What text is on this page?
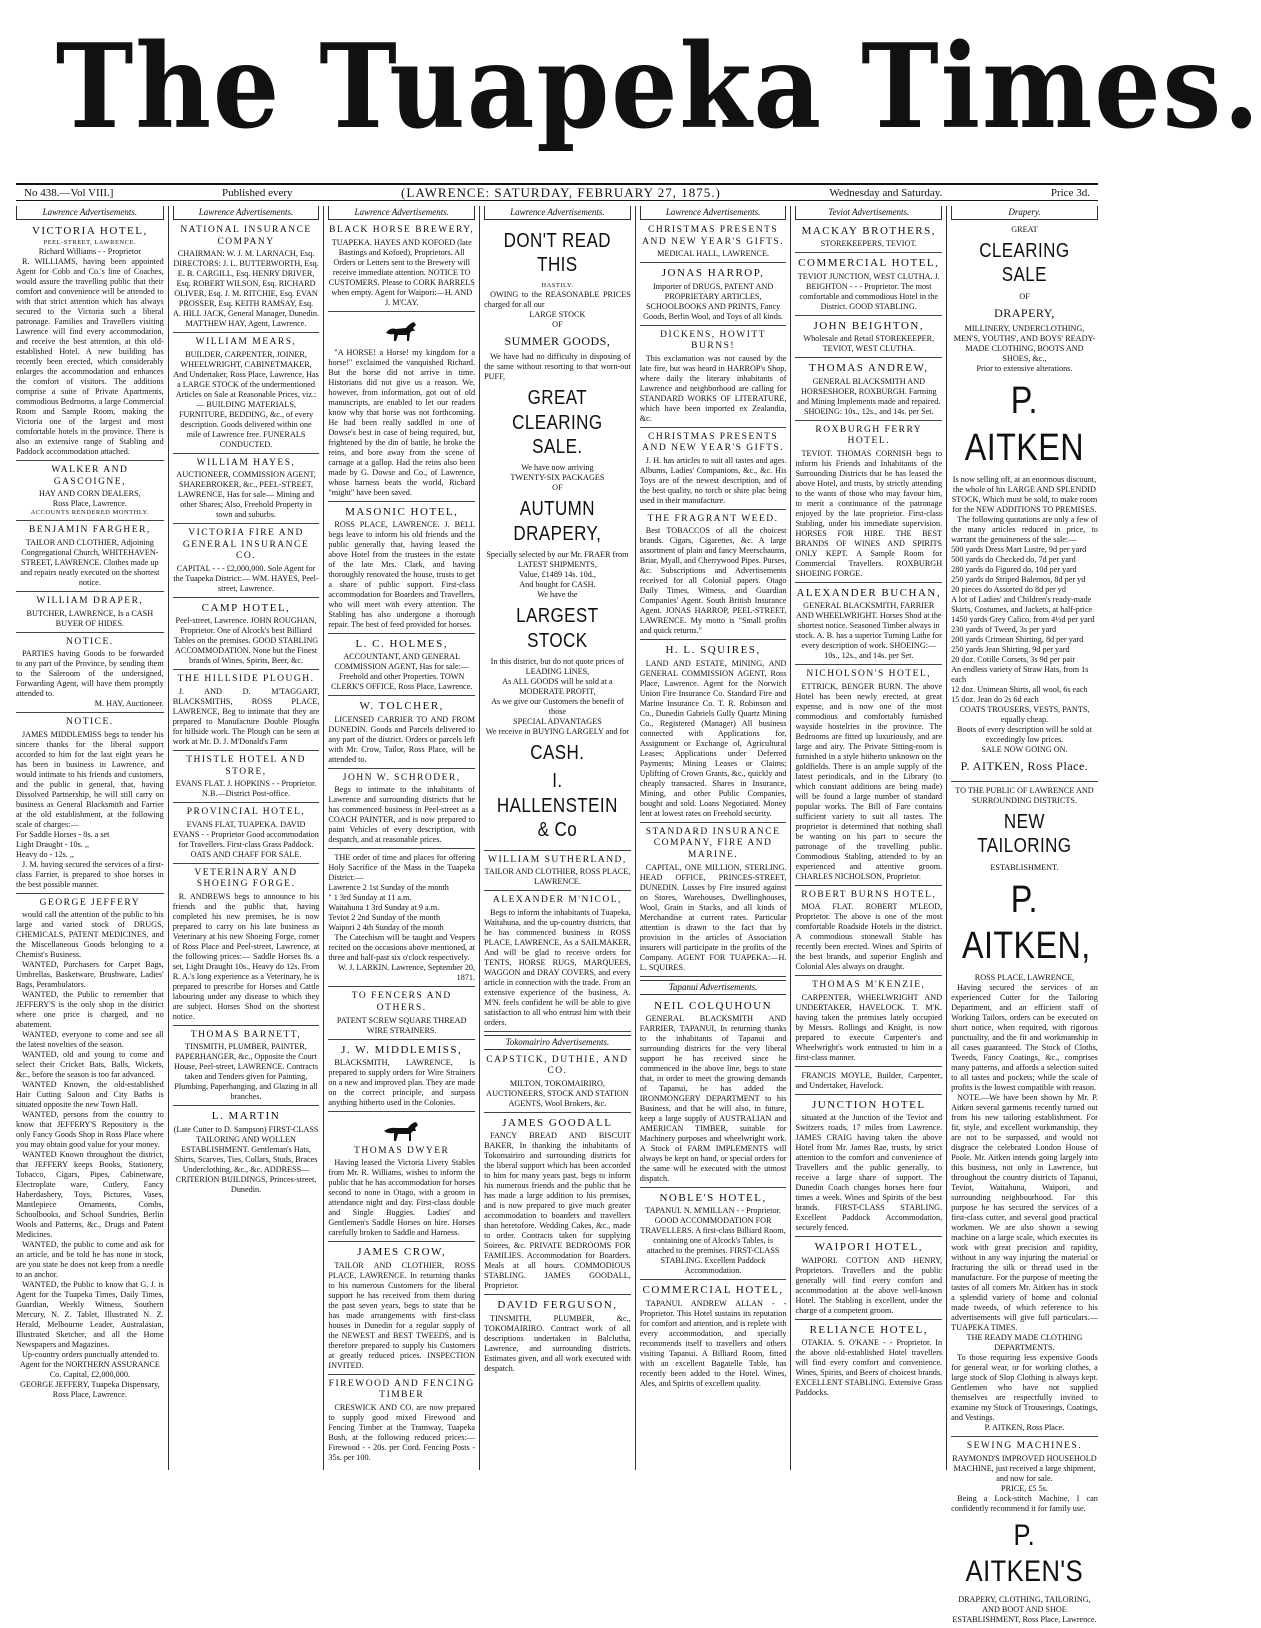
The Tuapeka Times.
No 438.—Vol VIII.]	Published every	(LAWRENCE: SATURDAY, FEBRUARY 27, 1875.)	Wednesday and Saturday.	Price 3d.
Lawrence Advertisements.
VICTORIA HOTEL,
PEEL-STREET, LAWRENCE.
Richard Williams - - Proprietor
R. WILLIAMS, having been appointed Agent for Cobb and Co.'s line of Coaches, would assure the travelling public that their comfort and convenience will be attended to with that strict attention which has always secured to the Victoria such a liberal patronage. Families and Travellers visiting Lawrence will find every accommodation, and receive the best attention, at this old-established Hotel. A new building has recently been erected, which considerably enlarges the accommodation and enhances the comfort of visitors. The additions comprise a suite of Private Apartments, commodious Bedrooms, a large Commercial Room and Sample Room, making the Victoria one of the largest and most comfortable hotels in the province. There is also an extensive range of Stabling and Paddock accommodation attached.
WALKER AND GASCOIGNE,
HAY AND CORN DEALERS,
Ross Place, Lawrence.
ACCOUNTS RENDERED MONTHLY.
BENJAMIN FARGHER,
TAILOR AND CLOTHIER, Adjoining Congregational Church, WHITEHAVEN-STREET, LAWRENCE. Clothes made up and repairs neatly executed on the shortest notice.
WILLIAM DRAPER,
BUTCHER, LAWRENCE, Is a CASH BUYER OF HIDES.
NOTICE.
PARTIES having Goods to be forwarded to any part of the Province, by sending them to the Saleroom of the undersigned, Forwarding Agent, will have them promptly attended to.
M. HAY, Auctioneer.
NOTICE.
JAMES MIDDLEMISS begs to tender his sincere thanks for the liberal support accorded to him for the last eight years he has been in business in Lawrence, and would intimate to his friends and customers, and the public in general, that, having Dissolved Partnership, he will still carry on business as General Blacksmith and Farrier at the old establishment, at the following scale of charges:—
For Saddle Horses - 8s. a set
Light Draught - 10s. ,,
Heavy do - 12s. ,,
J. M. having secured the services of a first-class Farrier, is prepared to shoe horses in the best possible manner.
GEORGE JEFFERY
would call the attention of the public to his large and varied stock of DRUGS, CHEMICALS, PATENT MEDICINES, and the Miscellaneous Goods belonging to a Chemist's Business.
WANTED, Purchasers for Carpet Bags, Umbrellas, Basketware, Brushware, Ladies' Bags, Perambulators.
WANTED, the Public to remember that JEFFERY'S is the only shop in the district where one price is charged, and no abatement.
WANTED, everyone to come and see all the latest novelties of the season.
WANTED, old and young to come and select their Cricket Bats, Balls, Wickets, &c., before the season is too far advanced.
WANTED Known, the old-established Hair Cutting Saloon and City Baths is situated opposite the new Town Hall.
WANTED, persons from the country to know that JEFFERY'S Repository is the only Fancy Goods Shop in Ross Place where you may obtain good value for your money.
WANTED Known throughout the district, that JEFFERY keeps Books, Stationery, Tobacco, Cigars, Pipes, Cabinetware, Electroplate ware, Cutlery, Fancy Haberdashery, Toys, Pictures, Vases, Mantlepiece Ornaments, Combs, Schoolbooks, and School Sundries, Berlin Wools and Patterns, &c., Drugs and Patent Medicines.
WANTED, the public to come and ask for an article, and be told he has none in stock, are you state he does not keep from a needle to an anchor.
WANTED, the Public to know that G. J. is Agent for the Tuapeka Times, Daily Times, Guardian, Weekly Witness, Southern Mercury, N. Z. Tablet, Illustrated N. Z. Herald, Melbourne Leader, Australasian, Illustrated Sketcher, and all the Home Newspapers and Magazines.
Up-country orders punctually attended to.
Agent for the NORTHERN ASSURANCE Co. Capital, £2,000,000.
GEORGE JEFFERY, Tuapeka Dispensary, Ross Place, Lawrence.
Lawrence Advertisements.
NATIONAL INSURANCE COMPANY
CHAIRMAN: W. J. M. LARNACH, Esq. DIRECTORS: J. L. BUTTERWORTH, Esq. E. B. CARGILL, Esq. HENRY DRIVER, Esq. ROBERT WILSON, Esq. RICHARD OLIVER, Esq. J. M. RITCHIE, Esq. EVAN PROSSER, Esq. KEITH RAMSAY, Esq.
A. HILL JACK, General Manager, Dunedin. MATTHEW HAY, Agent, Lawrence.
WILLIAM MEARS,
BUILDER, CARPENTER, JOINER, WHEELWRIGHT, CABINETMAKER, And Undertaker, Ross Place, Lawrence, Has a LARGE STOCK of the undermentioned Articles on Sale at Reasonable Prices, viz.:— BUILDING MATERIALS, FURNITURE, BEDDING, &c., of every description. Goods delivered within one mile of Lawrence free. FUNERALS CONDUCTED.
WILLIAM HAYES,
AUCTIONEER, COMMISSION AGENT, SHAREBROKER, &c., PEEL-STREET, LAWRENCE, Has for sale— Mining and other Shares; Also, Freehold Property in town and suburbs.
VICTORIA FIRE AND GENERAL INSURANCE CO.
CAPITAL - - - £2,000,000. Sole Agent for the Tuapeka District:— WM. HAYES, Peel-street, Lawrence.
CAMP HOTEL,
Peel-street, Lawrence. JOHN ROUGHAN, Proprietor. One of Alcock's best Billiard Tables on the premises. GOOD STABLING ACCOMMODATION. None but the Finest brands of Wines, Spirits, Beer, &c.
THE HILLSIDE PLOUGH.
J. AND D. M'TAGGART, BLACKSMITHS, ROSS PLACE, LAWRENCE, Beg to intimate that they are prepared to Manufacture Double Ploughs for hillside work. The Plough can be seen at work at Mr. D. J. M'Donald's Farm
THISTLE HOTEL AND STORE,
EVANS FLAT. J. HOPKINS - - Proprietor. N.B.—District Post-office.
PROVINCIAL HOTEL,
EVANS FLAT, TUAPEKA. DAVID EVANS - - Proprietor Good accommodation for Travellers. First-class Grass Paddock. OATS AND CHAFF FOR SALE.
VETERINARY AND SHOEING FORGE.
R. ANDREWS begs to announce to his friends and the public that, having completed his new premises, he is now prepared to carry on his late business as Veterinary at his new Shoeing Forge, corner of Ross Place and Peel-street, Lawrence, at the following prices:— Saddle Horses 8s. a set, Light Draught 10s., Heavy do 12s. From R. A.'s long experience as a Veterinary, he is prepared to prescribe for Horses and Cattle labouring under any disease to which they are subject. Horses Shod on the shortest notice.
THOMAS BARNETT,
TINSMITH, PLUMBER, PAINTER, PAPERHANGER, &c., Opposite the Court House, Peel-street, LAWRENCE. Contracts taken and Tenders given for Painting, Plumbing, Paperhanging, and Glazing in all branches.
L. MARTIN
(Late Cutter to D. Sampson) FIRST-CLASS TAILORING AND WOLLEN ESTABLISHMENT. Gentleman's Hats, Shirts, Scarves, Ties, Collars, Studs, Braces Underclothing, &c., &c. ADDRESS— CRITERION BUILDINGS, Princes-street, Dunedin.
Lawrence Advertisements.
BLACK HORSE BREWERY,
TUAPEKA. HAYES AND KOFOED (late Bastings and Kofoed), Proprietors. All Orders or Letters sent to the Brewery will receive immediate attention. NOTICE TO CUSTOMERS. Please to CORK BARRELS when empty. Agent for Waipori:—H. AND J. M'CAY.
"A HORSE! a Horse! my kingdom for a horse!" exclaimed the vanquished Richard. But the horse did not arrive in time. Historians did not give us a reason. We, however, from information, got out of old manuscripts, are enabled to let our readers know why that horse was not forthcoming. He had been really saddled in one of Dowse's best in case of being required, but, frightened by the din of battle, he broke the reins, and bore away from the scene of carnage at a gallop. Had the reins also been made by G. Dowse and Co., of Lawrence, whose harness beats the world, Richard "might" have been saved.
MASONIC HOTEL,
ROSS PLACE, LAWRENCE. J. BELL begs leave to inform his old friends and the public generally that, having leased the above Hotel from the trustees in the estate of the late Mrs. Clark, and having thoroughly renovated the house, trusts to get a share of public support. First-class accommodation for Boarders and Travellers, who will meet with every attention. The Stabling has also undergone a thorough repair. The best of feed provided for horses.
L. C. HOLMES,
ACCOUNTANT, AND GENERAL COMMISSION AGENT, Has for sale:— Freehold and other Properties. TOWN CLERK'S OFFICE, Ross Place, Lawrence.
W. TOLCHER,
LICENSED CARRIER TO AND FROM DUNEDIN. Goods and Parcels delivered to any part of the district. Orders or parcels left with Mr. Crow, Tailor, Ross Place, will be attended to.
JOHN W. SCHRODER,
Begs to intimate to the inhabitants of Lawrence and surrounding districts that he has commenced business in Peel-street as a COACH PAINTER, and is now prepared to paint Vehicles of every description, with despatch, and at reasonable prices.
THE order of time and places for offering Holy Sacrifice of the Mass in the Tuapeka District:—
Lawrence 2 1st Sunday of the month
" 1 3rd Sunday at 11 a.m.
Waitahuna 1 3rd Sunday at 9 a.m.
Teviot 2 2nd Sunday of the month
Waipori 2 4th Sunday of the month
The Catechism will be taught and Vespers recited on the occasions above mentioned, at three and half-past six o'clock respectively.
W. J. LARKIN. Lawrence, September 20, 1871.
TO FENCERS AND OTHERS.
PATENT SCREW SQUARE THREAD WIRE STRAINERS.
J. W. MIDDLEMISS,
BLACKSMITH, LAWRENCE, Is prepared to supply orders for Wire Strainers on a new and improved plan. They are made on the correct principle, and surpass anything hitherto used in the Colonies.
THOMAS DWYER
Having leased the Victoria Livery Stables from Mr. R. Williams, wishes to inform the public that he has accommodation for horses second to none in Otago, with a groom in attendance night and day. First-class double and Single Buggies. Ladies' and Gentlemen's Saddle Horses on hire. Horses carefully broken to Saddle and Harness.
JAMES CROW,
TAILOR AND CLOTHIER, ROSS PLACE, LAWRENCE. In returning thanks to his numerous Customers for the liberal support he has received from them during the past seven years, begs to state that he has made arrangements with first-class houses in Dunedin for a regular supply of the NEWEST and BEST TWEEDS, and is therefore prepared to supply his Customers at greatly reduced prices. INSPECTION INVITED.
FIREWOOD AND FENCING TIMBER
CRESWICK AND CO. are now prepared to supply good mixed Firewood and Fencing Timber at the Tramway, Tuapeka Bush, at the following reduced prices:— Firewood - - 20s. per Cord. Fencing Posts - 35s. per 100.
Lawrence Advertisements.
DON'T READ THIS
HASTILY.
OWING to the REASONABLE PRICES charged for all our
LARGE STOCK
OF
SUMMER GOODS,
We have had no difficulty in disposing of the same without resorting to that worn-out PUFF,
GREAT CLEARING SALE.
We have now arriving
TWENTY-SIX PACKAGES
OF
AUTUMN DRAPERY,
Specially selected by our Mr. FRAER from
LATEST SHIPMENTS,
Value, £1489 14s. 10d.,
And bought for CASH.
We have the
LARGEST STOCK
In this district, but do not quote prices of
LEADING LINES,
As ALL GOODS will be sold at a
MODERATE PROFIT,
As we give our Customers the benefit of those
SPECIAL ADVANTAGES
We receive in BUYING LARGELY and for
CASH.
I. HALLENSTEIN & Co
WILLIAM SUTHERLAND,
TAILOR AND CLOTHIER, ROSS PLACE, LAWRENCE.
ALEXANDER M'NICOL,
Begs to inform the inhabitants of Tuapeka, Waitahuna, and the up-country districts, that he has commenced business in ROSS PLACE, LAWRENCE, As a SAILMAKER, And will be glad to receive orders for TENTS, HORSE RUGS, MARQUEES, WAGGON and DRAY COVERS, and every article in connection with the trade. From an extensive experience of the business, A. M'N. feels confident he will be able to give satisfaction to all who entrust him with their orders.
Tokomairiro Advertisements.
CAPSTICK, DUTHIE, AND CO.
MILTON, TOKOMAIRIRO, AUCTIONEERS, STOCK AND STATION AGENTS, Wool Brokers, &c.
JAMES GOODALL
FANCY BREAD AND BISCUIT BAKER, In thanking the inhabitants of Tokomairiro and surrounding districts for the liberal support which has been accorded to him for many years past, begs to inform his numerous friends and the public that he has made a large addition to his premises, and is now prepared to give much greater accommodation to boarders and travellers than heretofore. Wedding Cakes, &c., made to order. Contracts taken for supplying Soirees, &c. PRIVATE BEDROOMS FOR FAMILIES. Accommodation for Boarders. Meals at all hours. COMMODIOUS STABLING. JAMES GOODALL, Proprietor.
DAVID FERGUSON,
TINSMITH, PLUMBER, &c., TOKOMAIRIRO. Contract work of all descriptions undertaken in Balclutha, Lawrence, and surrounding districts. Estimates given, and all work executed with despatch.
Lawrence Advertisements.
CHRISTMAS PRESENTS AND NEW YEAR'S GIFTS.
MEDICAL HALL, LAWRENCE.
JONAS HARROP,
Importer of DRUGS, PATENT AND PROPRIETARY ARTICLES, SCHOOLBOOKS AND PRINTS, Fancy Goods, Berlin Wool, and Toys of all kinds.
DICKENS, HOWITT BURNS!
This exclamation was not caused by the late fire, but was heard in HARROP's Shop, where daily the literary inhabitants of Lawrence and neighborhood are calling for STANDARD WORKS OF LITERATURE, which have been imported ex Zealandia, &c.
CHRISTMAS PRESENTS AND NEW YEAR'S GIFTS.
J. H. has articles to suit all tastes and ages. Albums, Ladies' Companions, &c., &c. His Toys are of the newest description, and of the best quality, no torch or shire plac being used in their manufacture.
THE FRAGRANT WEED.
Best TOBACCOS of all the choicest brands. Cigars, Cigarettes, &c. A large assortment of plain and fancy Meerschaums, Briar, Myall, and Cherrywood Pipes. Purses, &c. Subscriptions and Advertisements received for all Colonial papers. Otago Daily Times, Witness, and Guardian Companies' Agent. South British Insurance Agent. JONAS HARROP, PEEL-STREET, LAWRENCE. My motto is "Small profits and quick returns."
H. L. SQUIRES,
LAND AND ESTATE, MINING, AND GENERAL COMMISSION AGENT, Ross Place, Lawrence. Agent for the Norwich Union Fire Insurance Co. Standard Fire and Marine Insurance Co. T. R. Robinson and Co., Dunedin Gabriels Gully Quartz Mining Co., Registered (Manager) All business connected with Applications for, Assignment or Exchange of, Agricultural Leases; Applications under Deferred Payments; Mining Leases or Claims; Uplifting of Crown Grants, &c., quickly and cheaply transacted. Shares in Insurance, Mining, and other Public Companies, bought and sold. Loans Negotiated. Money lent at lowest rates on Freehold security.
STANDARD INSURANCE COMPANY, FIRE AND MARINE.
CAPITAL, ONE MILLION, STERLING. HEAD OFFICE, PRINCES-STREET, DUNEDIN. Losses by Fire insured against on Stores, Warehouses, Dwellinghouses, Wool, Grain in Stacks, and all kinds of Merchandise at current rates. Particular attention is drawn to the fact that by provision in the articles of Association insurers will participate in the profits of the Company. AGENT FOR TUAPEKA:—H. L. SQUIRES.
Tapanui Advertisements.
NEIL COLQUHOUN
GENERAL BLACKSMITH AND FARRIER, TAPANUI, In returning thanks to the inhabitants of Tapanui and surrounding districts for the very liberal support he has received since he commenced in the above line, begs to state that, in order to meet the growing demands of Tapanui, he has added the IRONMONGERY DEPARTMENT to his Business, and that he will also, in future, keep a large supply of AUSTRALIAN and AMERICAN TIMBER, suitable for Machinery purposes and wheelwright work. A Stock of FARM IMPLEMENTS will always be kept on hand, or special orders for the same will be executed with the utmost dispatch.
NOBLE'S HOTEL,
TAPANUI. N. M'MILLAN - - Proprietor. GOOD ACCOMMODATION FOR TRAVELLERS. A first-class Billiard Room, containing one of Alcock's Tables, is attached to the premises. FIRST-CLASS STABLING. Excellent Paddock Accommodation.
COMMERCIAL HOTEL,
TAPANUI. ANDREW ALLAN - - Proprietor. This Hotel sustains its reputation for comfort and attention, and is replete with every accommodation, and specially recommends itself to travellers and others visiting Tapanui. A Billiard Room, fitted with an excellent Bagatelle Table, has recently been added to the Hotel. Wines, Ales, and Spirits of excellent quality.
Teviot Advertisements.
MACKAY BROTHERS,
STOREKEEPERS, TEVIOT.
COMMERCIAL HOTEL,
TEVIOT JUNCTION, WEST CLUTHA. J. BEIGHTON - - - Proprietor. The most comfortable and commodious Hotel in the District. GOOD STABLING.
JOHN BEIGHTON,
Wholesale and Retail STOREKEEPER, TEVIOT, WEST CLUTHA.
THOMAS ANDREW,
GENERAL BLACKSMITH AND HORSESHOER, ROXBURGH. Farming and Mining Implements made and repaired. SHOEING: 10s., 12s., and 14s. per Set.
ROXBURGH FERRY HOTEL.
TEVIOT. THOMAS CORNISH begs to inform his Friends and Inhabitants of the Surrounding Districts that he has leased the above Hotel, and trusts, by strictly attending to the wants of those who may favour him, to merit a continuance of the patronage enjoyed by the late proprietor. First-class Stabling, under his immediate supervision. HORSES FOR HIRE. THE BEST BRANDS OF WINES AND SPIRITS ONLY KEPT. A Sample Room for Commercial Travellers. ROXBURGH SHOEING FORGE.
ALEXANDER BUCHAN,
GENERAL BLACKSMITH, FARRIER AND WHEELWRIGHT. Horses Shod at the shortest notice. Seasoned Timber always in stock. A. B. has a superior Turning Lathe for every description of work. SHOEING:—10s., 12s., and 14s. per Set.
NICHOLSON'S HOTEL,
ETTRICK, BENGER BURN. The above Hotel has been newly erected, at great expense, and is now one of the most commodious and comfortably furnished wayside hostelries in the province. The Bedrooms are fitted up luxuriously, and are large and airy. The Private Sitting-room is furnished in a style hitherto unknown on the goldfields. There is an ample supply of the latest periodicals, and in the Library (to which constant additions are being made) will be found a large number of standard popular works. The Bill of Fare contains sufficient variety to suit all tastes. The proprietor is determined that nothing shall be wanting on his part to secure the patronage of the travelling public. Commodious Stabling, attended to by an experienced and attentive groom. CHARLES NICHOLSON, Proprietor.
ROBERT BURNS HOTEL,
MOA FLAT. ROBERT M'LEOD, Proprietor. The above is one of the most comfortable Roadside Hotels in the district. A commodious stonewall Stable has recently been erected. Wines and Spirits of the best brands, and superior English and Colonial Ales always on draught.
THOMAS M'KENZIE,
CARPENTER, WHEELWRIGHT AND UNDERTAKER, HAVELOCK. T. M'K. having taken the premises lately occupied by Messrs. Rollings and Knight, is now prepared to execute Carpenter's and Wheelwright's work entrusted to him in a first-class manner.
FRANCIS MOYLE, Builder, Carpenter, and Undertaker, Havelock.
JUNCTION HOTEL
situated at the Junction of the Teviot and Switzers roads, 17 miles from Lawrence. JAMES CRAIG having taken the above Hotel from Mr. James Rae, trusts, by strict attention to the comfort and convenience of Travellers and the public generally, to receive a large share of support. The Dunedin Coach changes horses here four times a week. Wines and Spirits of the best brands. FIRST-CLASS STABLING. Excellent Paddock Accommodation, securely fenced.
WAIPORI HOTEL,
WAIPORI. COTTON AND HENRY, Proprietors. Travellers and the public generally will find every comfort and accommodation at the above well-known Hotel. The Stabling is excellent, under the charge of a competent groom.
RELIANCE HOTEL,
OTAKIA. S. O'KANE - - Proprietor. In the above old-established Hotel travellers will find every comfort and convenience. Wines, Spirits, and Beers of choicest brands. EXCELLENT STABLING. Extensive Grass Paddocks.
Drapery.
GREAT
CLEARING SALE
OF
DRAPERY,
MILLINERY, UNDERCLOTHING, MEN'S, YOUTHS', AND BOYS' READY-MADE CLOTHING, BOOTS AND SHOES, &c.,
Prior to extensive alterations.
P. AITKEN
Is now selling off, at an enormous discount, the whole of his LARGE AND SPLENDID STOCK, Which must be sold, to make room for the NEW ADDITIONS TO PREMISES.
The following quotations are only a few of the many articles reduced in price, to warrant the genuineness of the sale:—
500 yards Dress Mart Lustre, 9d per yard
500 yards do Checked do, 7d per yard
280 yards do Figured do, 10d per yard
250 yards do Striped Balernos, 8d per yd
20 pieces do Assorted do 8d per yd
A lot of Ladies' and Children's ready-made Skirts, Costumes, and Jackets, at half-price
1450 yards Grey Calico, from 4½d per yard
230 yards of Tweed, 3s per yard
200 yards Crimean Shirting, 8d per yard
250 yards Jean Shirting, 9d per yard
20 doz. Cotille Corsets, 3s 9d per pair
An endless variety of Straw Hats, from 1s each
12 doz. Unimean Shirts, all wool, 6s each
15 doz. Jean do 2s 6d each
COATS TROUSERS, VESTS, PANTS, equally cheap.
Boots of every description will be sold at exceedingly low prices.
SALE NOW GOING ON.
P. AITKEN, Ross Place.
TO THE PUBLIC OF LAWRENCE AND SURROUNDING DISTRICTS.
NEW TAILORING
ESTABLISHMENT.
P. AITKEN,
ROSS PLACE, LAWRENCE,
Having secured the services of an experienced Cutter for the Tailoring Department, and an efficient staff of Working Tailors, orders can be executed on short notice, when required, with rigorous punctuality, and the fit and workmanship in all cases guaranteed. The Stock of Cloths, Tweeds, Fancy Coatings, &c., comprises many patterns, and affords a selection suited to all tastes and pockets; while the scale of profits is the lowest compatible with reason.
NOTE.—We have been shown by Mr. P. Aitken several garments recently turned out from his new tailoring establishment. For fit, style, and excellent workmanship, they are not to be surpassed, and would not disgrace the celebrated London House of Poole. Mr. Aitken intends going largely into this business, not only in Lawrence, but throughout the country districts of Tapanui, Teviot, Waitahuna, Waipori, and surrounding neighbourhood. For this purpose he has secured the services of a first-class cutter, and several good practical workmen. We are also shown a sewing machine on a large scale, which executes its work with great precision and rapidity, without in any way injuring the material or fracturing the silk or thread used in the manufacture. For the purpose of meeting the tastes of all comers Mr. Aitken has in stock a splendid variety of home and colonial made tweeds, of which reference to his advertisements will give full particulars.—TUAPEKA TIMES.
THE READY MADE CLOTHING DEPARTMENTS.
To those requiring less expensive Goods for general wear, or for working clothes, a large stock of Slop Clothing is always kept. Gentlemen who have not supplied themselves are respectfully invited to examine my Stock of Trouserings, Coatings, and Vestings.
P. AITKEN, Ross Place.
SEWING MACHINES.
RAYMOND'S IMPROVED HOUSEHOLD MACHINE, just received a large shipment, and now for sale.
PRICE, £5 5s.
Being a Lock-stitch Machine, I can confidently recommend it for family use.
P. AITKEN'S
DRAPERY, CLOTHING, TAILORING, AND BOOT AND SHOE ESTABLISHMENT, Ross Place, Lawrence.
